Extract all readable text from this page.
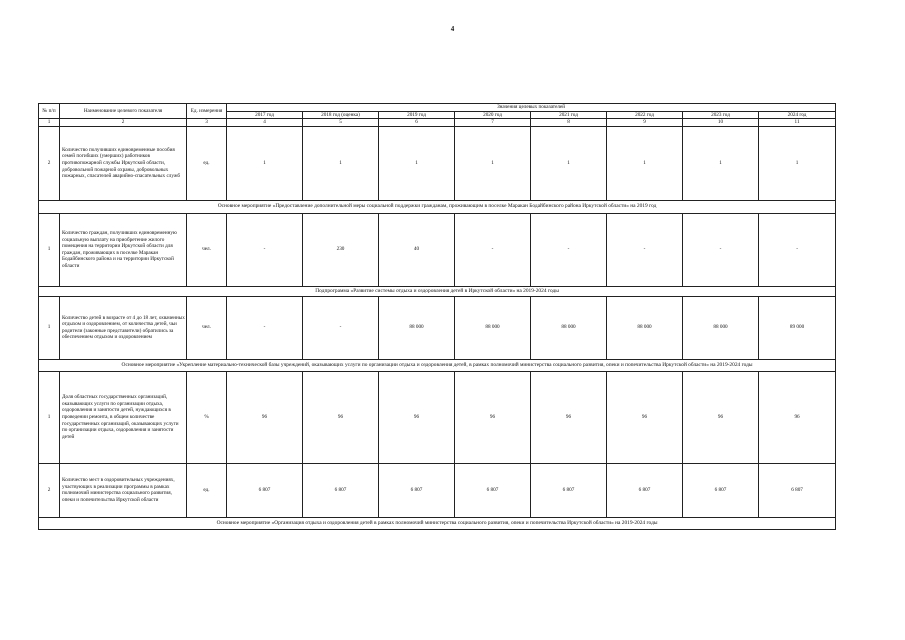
4
№ п/п	Наименование целевого показателя	Ед. измерения	Значения целевых показателей							
			2017 год	2018 год (оценка)	2019 год	2020 год	2021 год	2022 год	2023 год	2024 год
1	2	3	4	5	6	7	8	9	10	11
2	Количество получивших единовременные пособия семей погибших (умерших) работников противопожарной службы Иркутской области, добровольной пожарной охраны, добровольных пожарных, спасателей аварийно-спасательных служб	ед.	1	1	1	1	1	1	1	1
Основное мероприятие «Предоставление дополнительной меры социальной поддержки гражданам, проживающим в поселке Маракан Бодайбинского района Иркутской области» на 2019 год										
1	Количество граждан, получивших единовременную социальную выплату на приобретение жилого помещения на территории Иркутской области для граждан, проживающих в поселке Маракан Бодайбинского района и на территории Иркутской области	чел.	-	230	40	-	-	-	-	-
Подпрограмма «Развитие системы отдыха и оздоровления детей в Иркутской области» на 2019-2024 годы										
1	Количество детей в возрасте от 4 до 18 лет, охваченных отдыхом и оздоровлением, от количества детей, чьи родители (законные представители) обратились за обеспечением отдыхом и оздоровлением	чел.	-	-	88 000	88 000	88 000	88 000	88 000	89 000
Основное мероприятие «Укрепление материально-технической базы учреждений, оказывающих услуги по организации отдыха и оздоровления детей, в рамках полномочий министерства социального развития, опеки и попечительства Иркутской области» на 2019-2024 годы										
1	Доля областных государственных организаций, оказывающих услуги по организации отдыха, оздоровления и занятости детей, нуждающихся в проведении ремонта, в общем количестве государственных организаций, оказывающих услуги по организации отдыха, оздоровления и занятости детей	%	96	96	96	96	96	96	96	96
2	Количество мест в оздоровительных учреждениях, участвующих в реализации программы в рамках полномочий министерства социального развития, опеки и попечительства Иркутской области	ед.	6 807	6 807	6 807	6 807	6 807	6 807	6 807	6 807
Основное мероприятие «Организация отдыха и оздоровления детей в рамках полномочий министерства социального развития, опеки и попечительства Иркутской области» на 2019-2024 годы										
